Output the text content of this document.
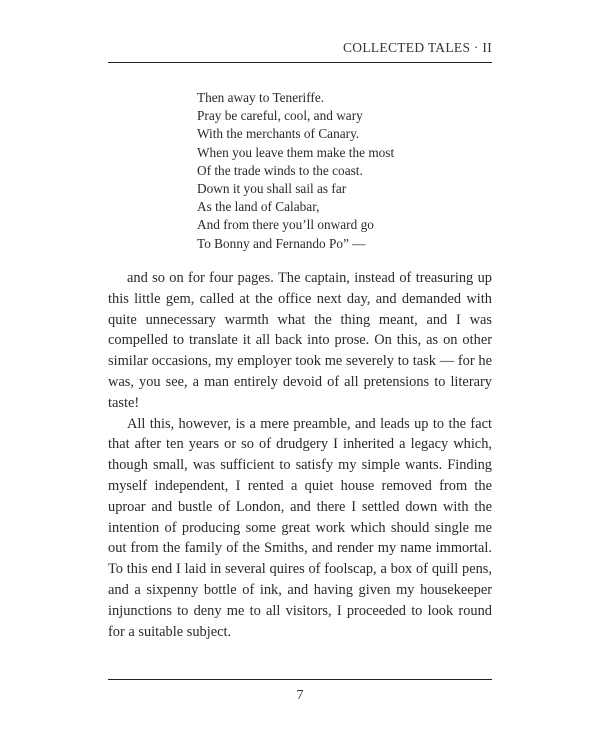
COLLECTED TALES · II
Then away to Teneriffe.
Pray be careful, cool, and wary
With the merchants of Canary.
When you leave them make the most
Of the trade winds to the coast.
Down it you shall sail as far
As the land of Calabar,
And from there you’ll onward go
To Bonny and Fernando Po” —

and so on for four pages. The captain, instead of treasuring up this little gem, called at the office next day, and demanded with quite unnecessary warmth what the thing meant, and I was compelled to translate it all back into prose. On this, as on other similar occasions, my employer took me severely to task — for he was, you see, a man entirely devoid of all pretensions to literary taste!

All this, however, is a mere preamble, and leads up to the fact that after ten years or so of drudgery I inherited a legacy which, though small, was sufficient to satisfy my simple wants. Finding myself independent, I rented a quiet house removed from the uproar and bustle of London, and there I settled down with the intention of producing some great work which should single me out from the family of the Smiths, and render my name immortal. To this end I laid in several quires of foolscap, a box of quill pens, and a sixpenny bottle of ink, and having given my housekeeper injunctions to deny me to all visitors, I proceeded to look round for a suitable subject.

7
